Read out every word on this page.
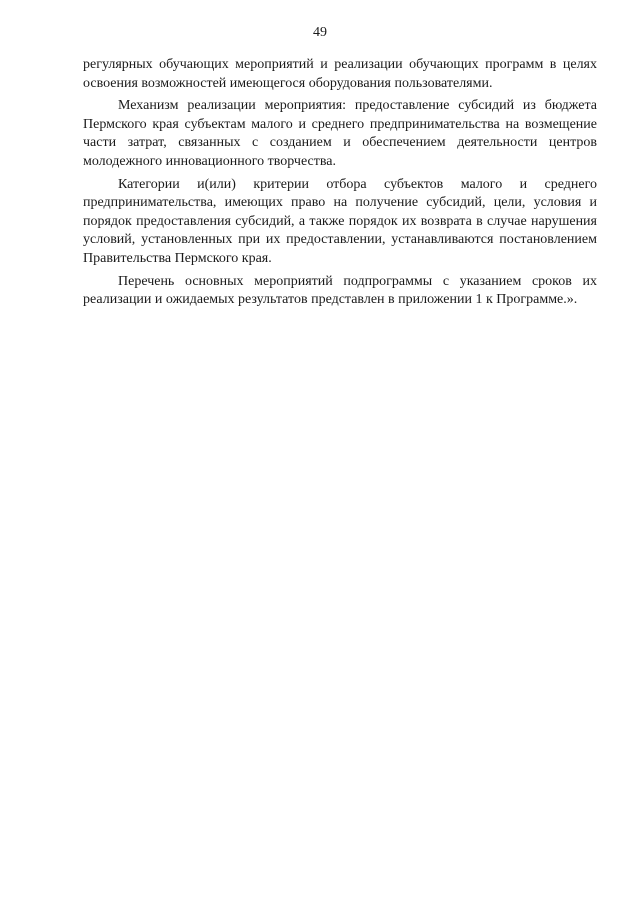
49

регулярных обучающих мероприятий и реализации обучающих программ в целях освоения возможностей имеющегося оборудования пользователями.

Механизм реализации мероприятия: предоставление субсидий из бюджета Пермского края субъектам малого и среднего предпринимательства на возмещение части затрат, связанных с созданием и обеспечением деятельности центров молодежного инновационного творчества.

Категории и(или) критерии отбора субъектов малого и среднего предпринимательства, имеющих право на получение субсидий, цели, условия и порядок предоставления субсидий, а также порядок их возврата в случае нарушения условий, установленных при их предоставлении, устанавливаются постановлением Правительства Пермского края.

Перечень основных мероприятий подпрограммы с указанием сроков их реализации и ожидаемых результатов представлен в приложении 1 к Программе.».
